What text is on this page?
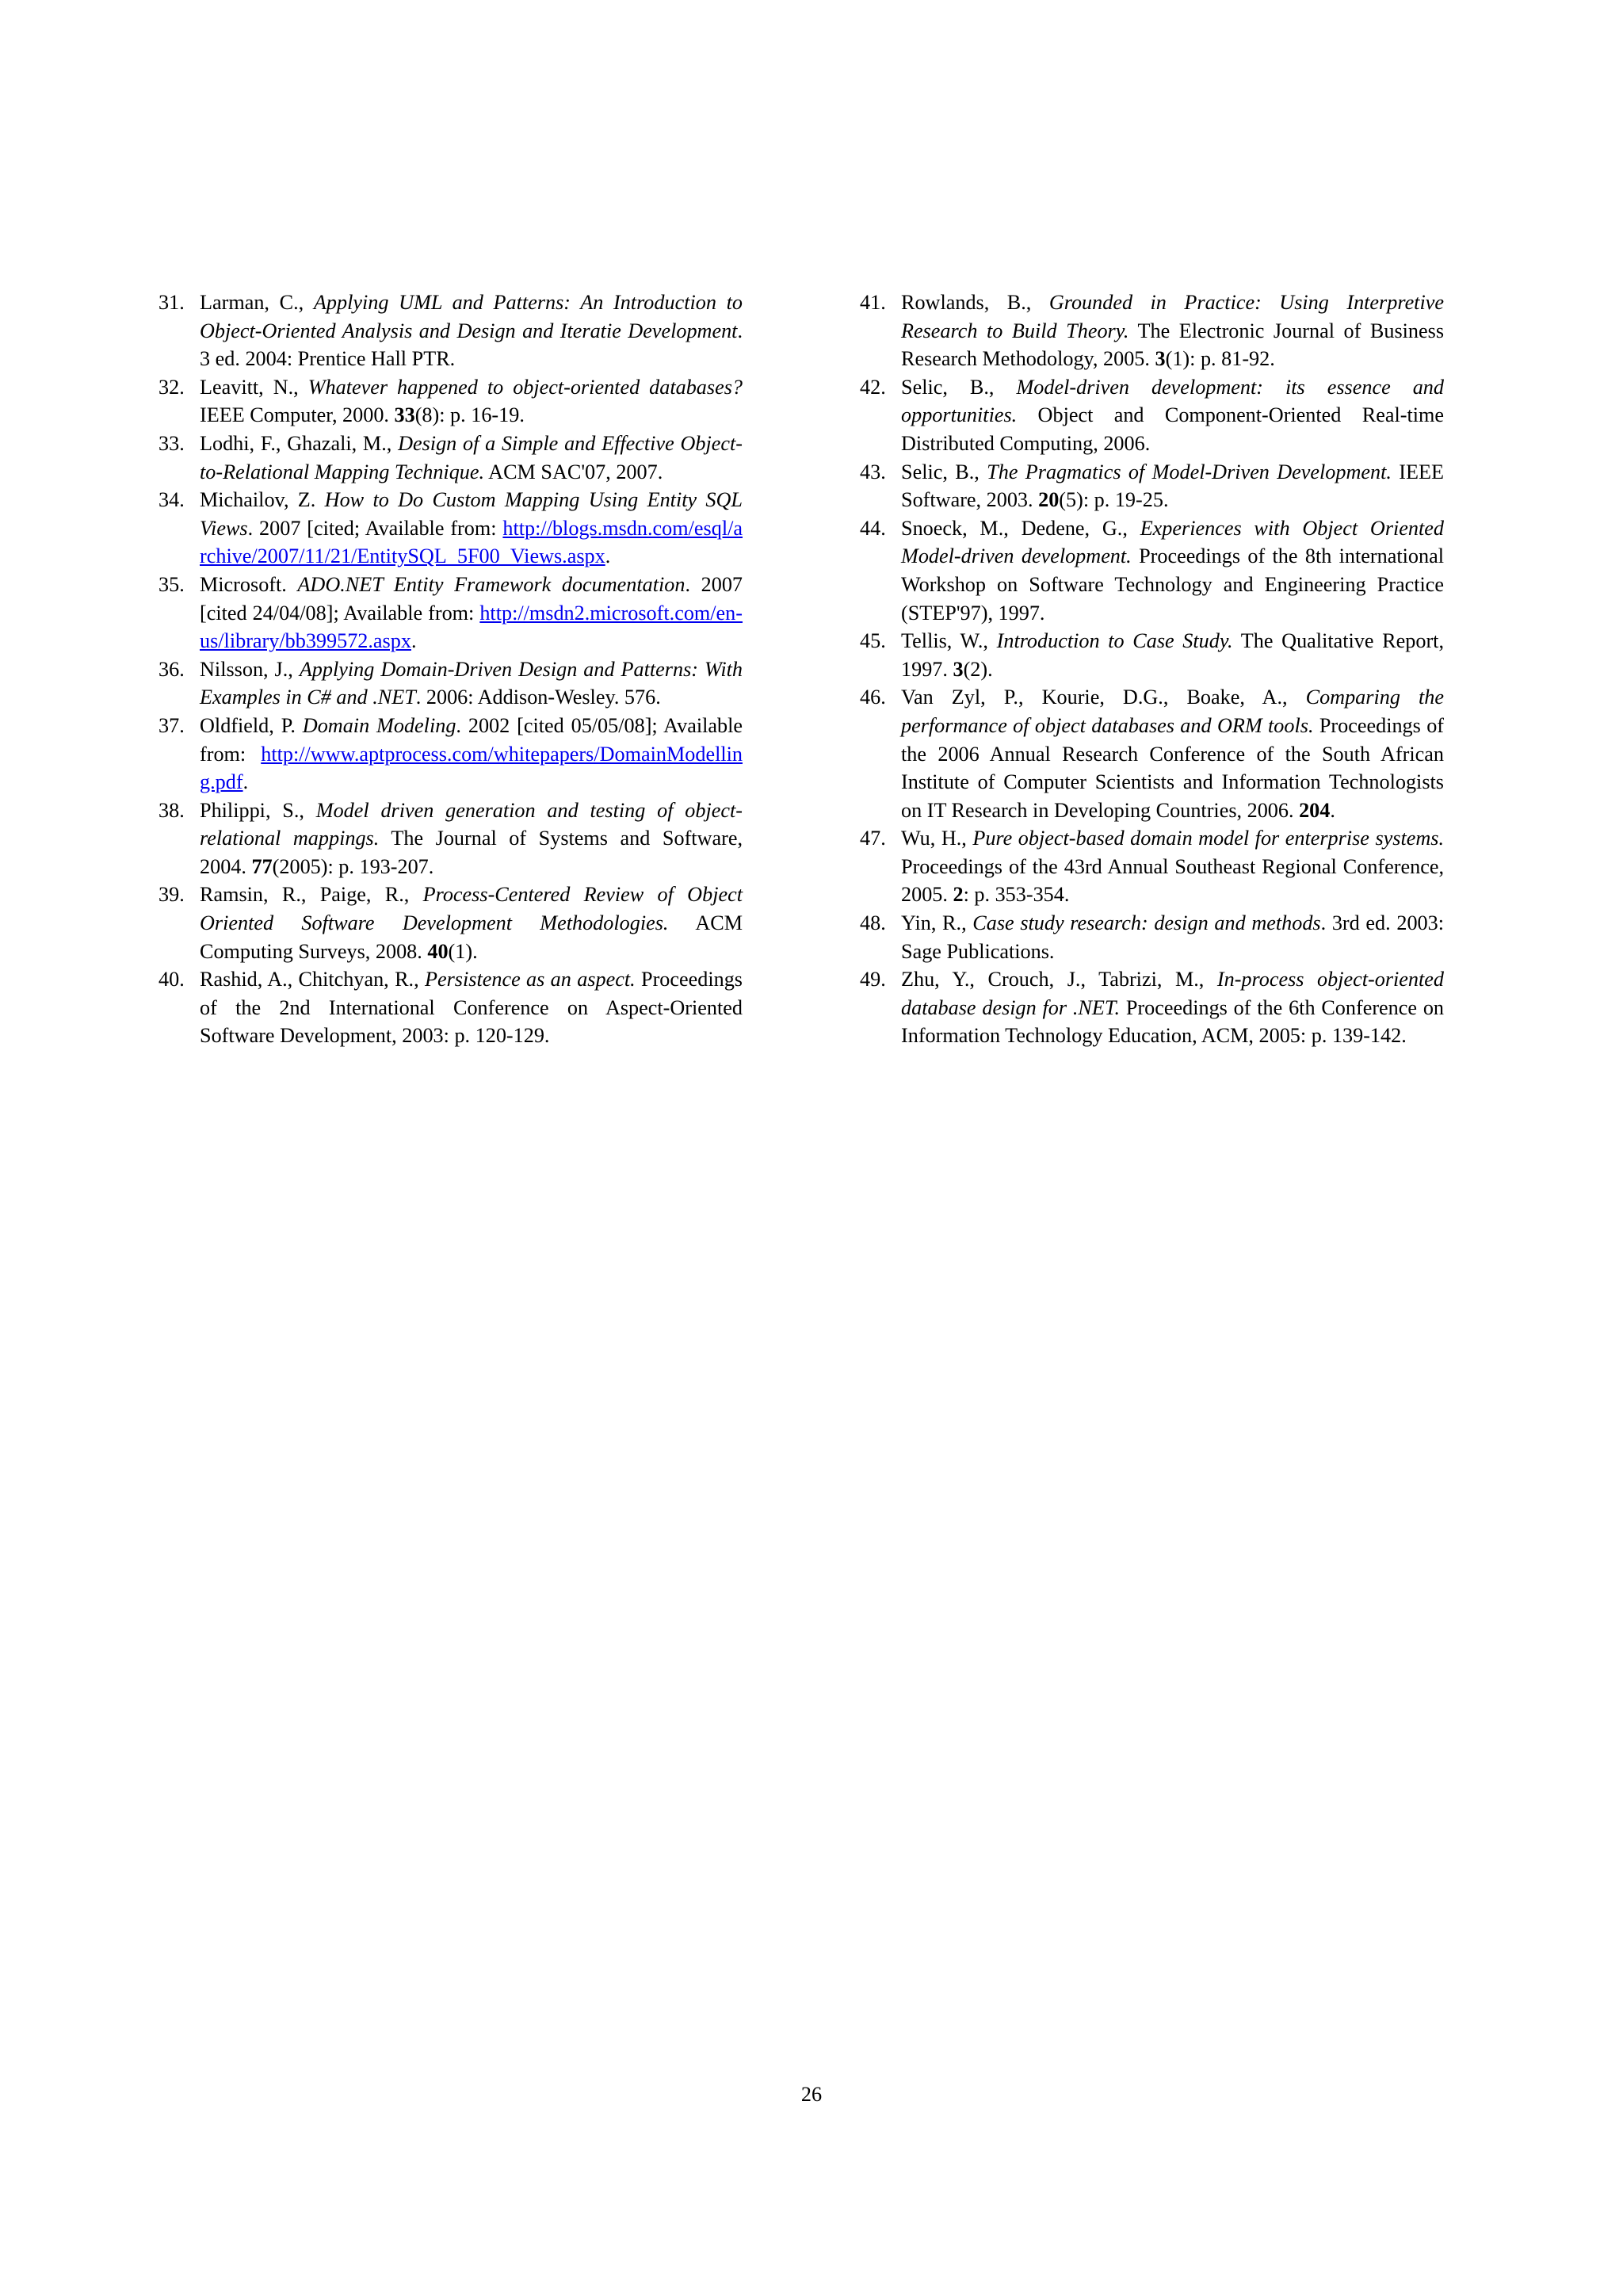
31. Larman, C., Applying UML and Patterns: An Introduction to Object-Oriented Analysis and Design and Iteratie Development. 3 ed. 2004: Prentice Hall PTR.
32. Leavitt, N., Whatever happened to object-oriented databases? IEEE Computer, 2000. 33(8): p. 16-19.
33. Lodhi, F., Ghazali, M., Design of a Simple and Effective Object-to-Relational Mapping Technique. ACM SAC'07, 2007.
34. Michailov, Z. How to Do Custom Mapping Using Entity SQL Views. 2007 [cited; Available from: http://blogs.msdn.com/esql/archive/2007/11/21/EntitySQL_5F00_Views.aspx.
35. Microsoft. ADO.NET Entity Framework documentation. 2007 [cited 24/04/08]; Available from: http://msdn2.microsoft.com/en-us/library/bb399572.aspx.
36. Nilsson, J., Applying Domain-Driven Design and Patterns: With Examples in C# and .NET. 2006: Addison-Wesley. 576.
37. Oldfield, P. Domain Modeling. 2002 [cited 05/05/08]; Available from: http://www.aptprocess.com/whitepapers/DomainModelling.pdf.
38. Philippi, S., Model driven generation and testing of object-relational mappings. The Journal of Systems and Software, 2004. 77(2005): p. 193-207.
39. Ramsin, R., Paige, R., Process-Centered Review of Object Oriented Software Development Methodologies. ACM Computing Surveys, 2008. 40(1).
40. Rashid, A., Chitchyan, R., Persistence as an aspect. Proceedings of the 2nd International Conference on Aspect-Oriented Software Development, 2003: p. 120-129.
41. Rowlands, B., Grounded in Practice: Using Interpretive Research to Build Theory. The Electronic Journal of Business Research Methodology, 2005. 3(1): p. 81-92.
42. Selic, B., Model-driven development: its essence and opportunities. Object and Component-Oriented Real-time Distributed Computing, 2006.
43. Selic, B., The Pragmatics of Model-Driven Development. IEEE Software, 2003. 20(5): p. 19-25.
44. Snoeck, M., Dedene, G., Experiences with Object Oriented Model-driven development. Proceedings of the 8th international Workshop on Software Technology and Engineering Practice (STEP'97), 1997.
45. Tellis, W., Introduction to Case Study. The Qualitative Report, 1997. 3(2).
46. Van Zyl, P., Kourie, D.G., Boake, A., Comparing the performance of object databases and ORM tools. Proceedings of the 2006 Annual Research Conference of the South African Institute of Computer Scientists and Information Technologists on IT Research in Developing Countries, 2006. 204.
47. Wu, H., Pure object-based domain model for enterprise systems. Proceedings of the 43rd Annual Southeast Regional Conference, 2005. 2: p. 353-354.
48. Yin, R., Case study research: design and methods. 3rd ed. 2003: Sage Publications.
49. Zhu, Y., Crouch, J., Tabrizi, M., In-process object-oriented database design for .NET. Proceedings of the 6th Conference on Information Technology Education, ACM, 2005: p. 139-142.
26
